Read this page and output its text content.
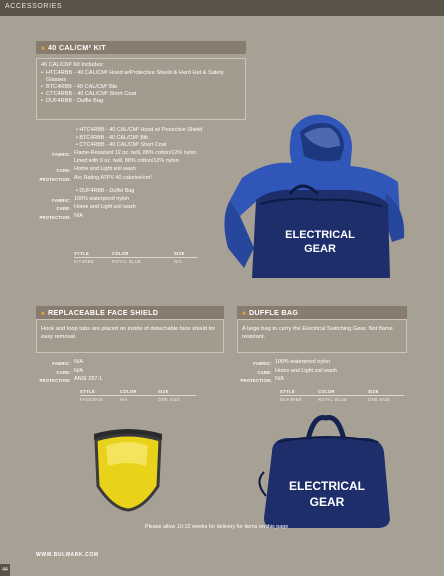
ACCESSORIES
■ 40 CAL/CM² KIT
40 CAL/CM² Kit Includes:
• HTC4RBB - 40 CAL/CM² Hood w/Protective Shield & Hard Hat & Safety Glasses
• BTC4RBB - 40 CAL/CM² Bib
• CTC4RBB - 40 CAL/CM² Short Coat
• DUF4RBB - Duffle Bag
• HTC4RBB - 40 CAL/CM² Hood w/ Protective Shield
• BTC4RBB - 40 CAL/CM² Bib
• CTC4RBB - 40 CAL/CM² Short Coat
FABRIC: Flame-Resistant 12 oz. twill, 88% cotton/12% nylon
Lined with 9 oz. twill, 88% cotton/12% nylon
CARE: Home and Light soil wash
PROTECTION: Arc Rating ATPV 40 calories/cm²
• DUF4RBB - Duffel Bag
FABRIC: 100% waterproof nylon
CARE: Home and Light soil wash
PROTECTION: N/A
STYLE	COLOR	SIZE
KIT4RBB	ROYAL BLUE	N/A
ELECTRICAL
GEAR
■ REPLACEABLE FACE SHIELD
Hook and loop tabs are placed on inside of detachable face shield for easy removal.
■ DUFFLE BAG
A large bag to carry the Electrical Switching Gear. Not flame resistant.
FABRIC: N/A
CARE: N/A
PROTECTION: ANSI Z87-1
STYLE	COLOR	SIZE
FACESHIE	N/A	ONE SIZE
FABRIC: 100% waterproof nylon
CARE: Home and Light soil wash
PROTECTION: N/A
STYLE	COLOR	SIZE
DUF4RBB	ROYAL BLUE	ONE SIZE
ELECTRICAL
GEAR
Please allow 10-12 weeks for delivery for items on this page
WWW.BULWARK.COM
44
